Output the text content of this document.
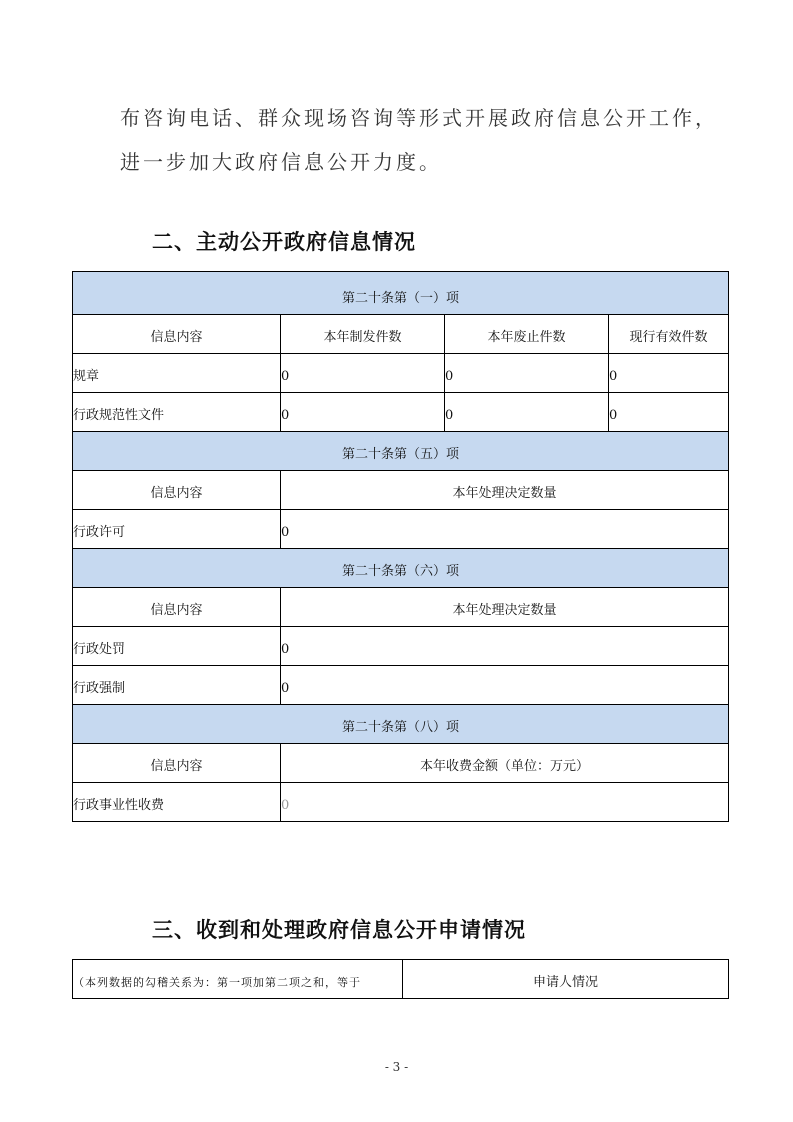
布咨询电话、群众现场咨询等形式开展政府信息公开工作，
进一步加大政府信息公开力度。
二、主动公开政府信息情况
第二十条第（一）项			
信息内容	本年制发件数	本年废止件数	现行有效件数
规章	0	0	0
行政规范性文件	0	0	0
第二十条第（五）项			
信息内容	本年处理决定数量		
行政许可	0		
第二十条第（六）项			
信息内容	本年处理决定数量		
行政处罚	0		
行政强制	0		
第二十条第（八）项			
信息内容	本年收费金额（单位：万元）		
行政事业性收费	0		
三、收到和处理政府信息公开申请情况
（本列数据的勾稽关系为：第一项加第二项之和，等于	申请人情况
- 3 -
